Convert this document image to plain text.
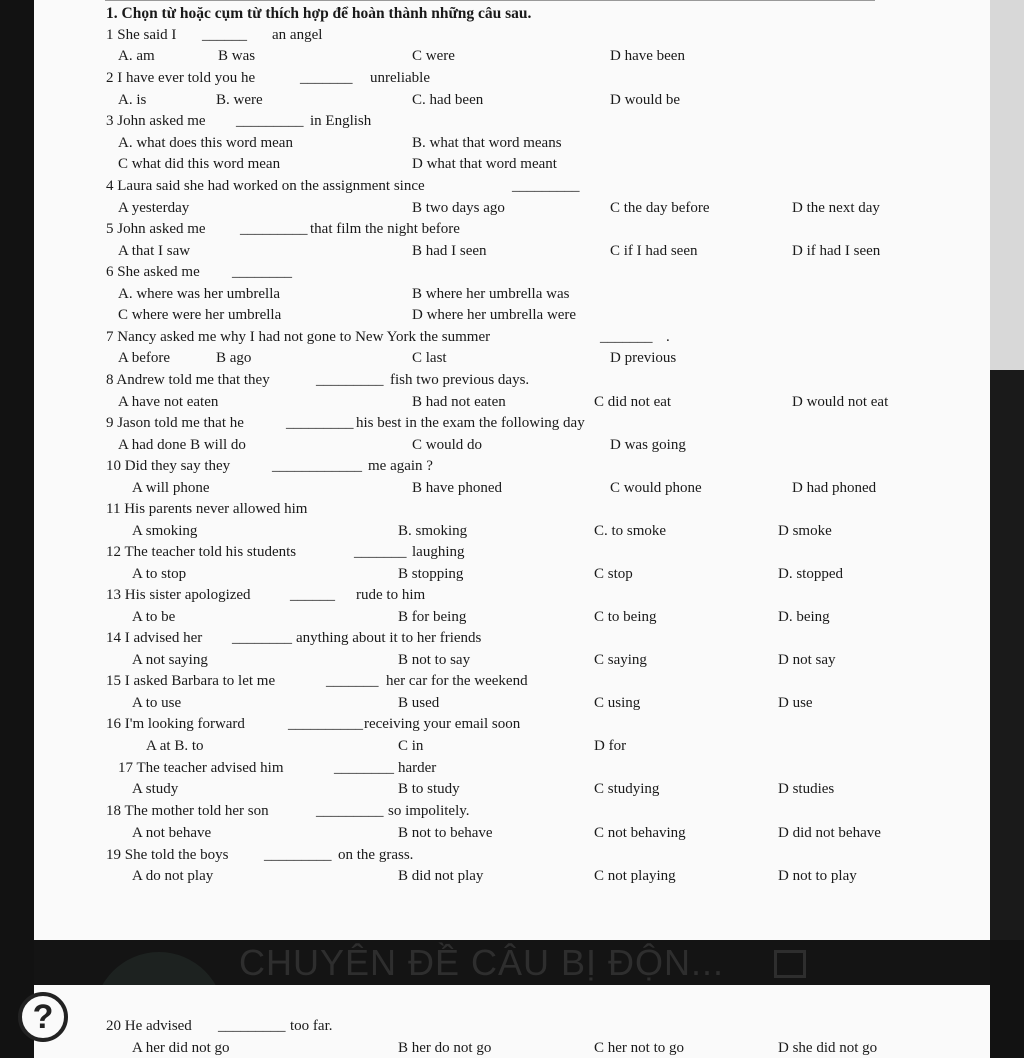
CHUYÊN ĐỀ CÂU BỊ ĐỘN...
?
1. Chọn từ hoặc cụm từ thích hợp để hoàn thành những câu sau.
1 She said I ______ an angel
A. am	B was	C were	D have been
2 I have ever told you he	_______ unreliable
A. is	B. were	C. had been	D would be
3 John asked me _________ in English
A. what does this word mean	B. what that word means
C what did this word mean	D what that word meant
4 Laura said she had worked on the assignment since	_________
A yesterday	B two days ago	C the day before	D the next day
5 John asked me _________ that film the night before
A that I saw	B had I seen	C if I had seen	D if had I seen
6 She asked me ________
A. where was her umbrella	B where her umbrella was
C where were her umbrella	D where her umbrella were
7 Nancy asked me why I had not gone to New York the summer	_______ .
A before	B ago	C last	D previous
8 Andrew told me that they	_________ fish two previous days.
A have not eaten	B had not eaten	C did not eat	D would not eat
9 Jason told me that he	_________ his best in the exam the following day
A had done B will do	C would do	D was going
10 Did they say they	____________ me again ?
A will phone	B have phoned	C would phone	D had phoned
11 His parents never allowed him
A smoking	B. smoking	C. to smoke	D smoke
12 The teacher told his students	_______ laughing
A to stop	B stopping	C stop	D. stopped
13 His sister apologized	______ rude to him
A to be	B for being	C to being	D. being
14 I advised her ________ anything about it to her friends
A not saying	B not to say	C saying	D not say
15 I asked Barbara to let me	_______ her car for the weekend
A to use	B used	C using	D use
16 I'm looking forward	__________ receiving your email soon
A at B. to	C in	D for
17 The teacher advised him	________ harder
A study	B to study	C studying	D studies
18 The mother told her son	_________ so impolitely.
A not behave	B not to behave	C not behaving	D did not behave
19 She told the boys _________ on the grass.
A do not play	B did not play	C not playing	D not to play
20 He advised _________ too far.
A her did not go	B her do not go	C her not to go	D she did not go
